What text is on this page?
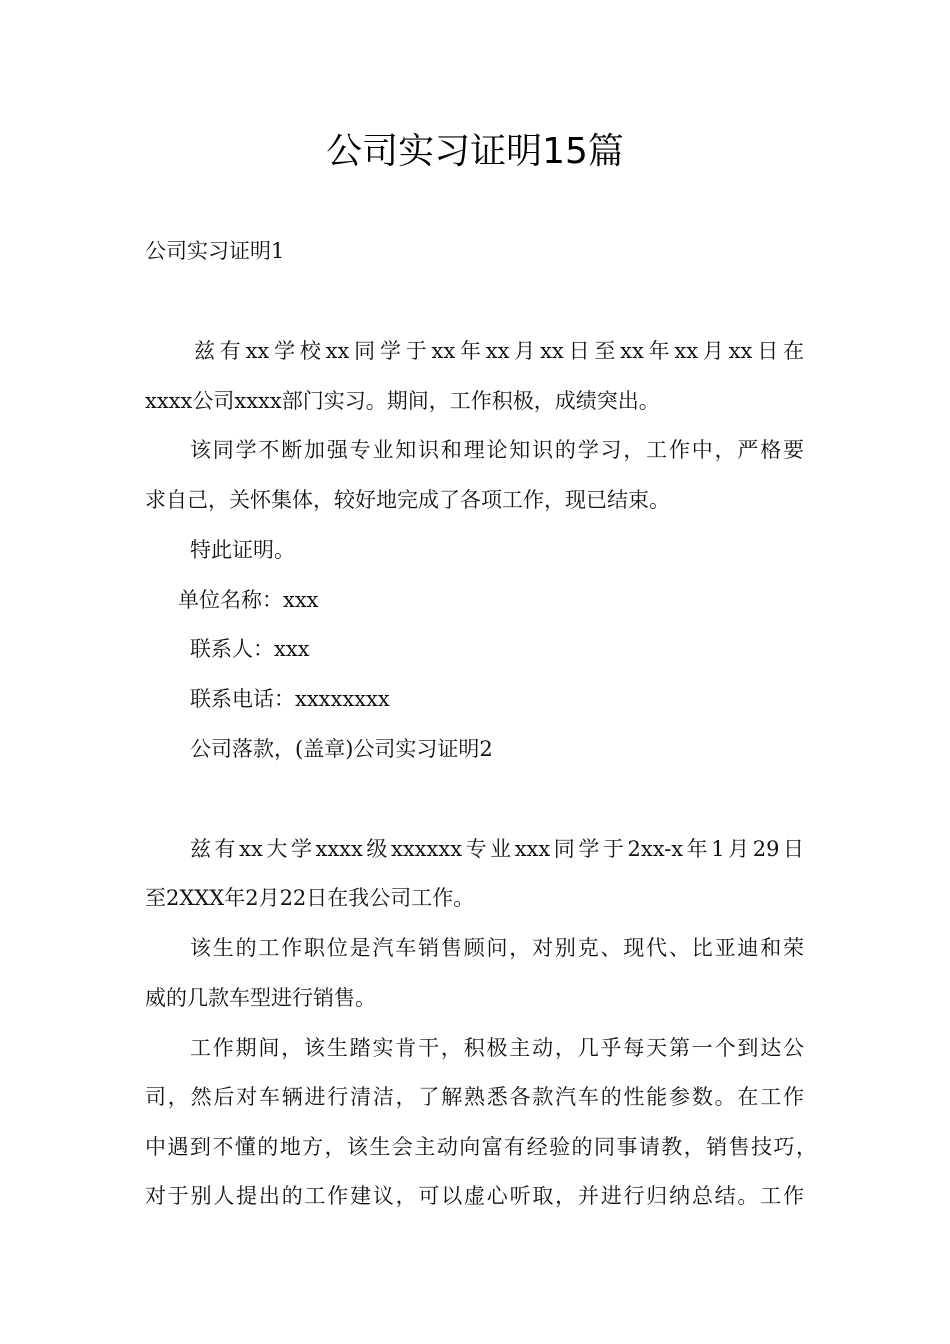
公司实习证明15篇

公司实习证明1

兹有xx学校xx同学于xx年xx月xx日至xx年xx月xx日在

xxxx公司xxxx部门实习。期间，工作积极，成绩突出。

该同学不断加强专业知识和理论知识的学习，工作中，严格要

求自己，关怀集体，较好地完成了各项工作，现已结束。

特此证明。

单位名称：xxx

联系人：xxx

联系电话：xxxxxxxx

公司落款，(盖章)公司实习证明2

兹有xx大学xxxx级xxxxxx专业xxx同学于2xx-x年1月29日

至2XXX年2月22日在我公司工作。

该生的工作职位是汽车销售顾问，对别克、现代、比亚迪和荣

威的几款车型进行销售。

工作期间，该生踏实肯干，积极主动，几乎每天第一个到达公

司，然后对车辆进行清洁，了解熟悉各款汽车的性能参数。在工作

中遇到不懂的地方，该生会主动向富有经验的同事请教，销售技巧，

对于别人提出的工作建议，可以虚心听取，并进行归纳总结。工作
